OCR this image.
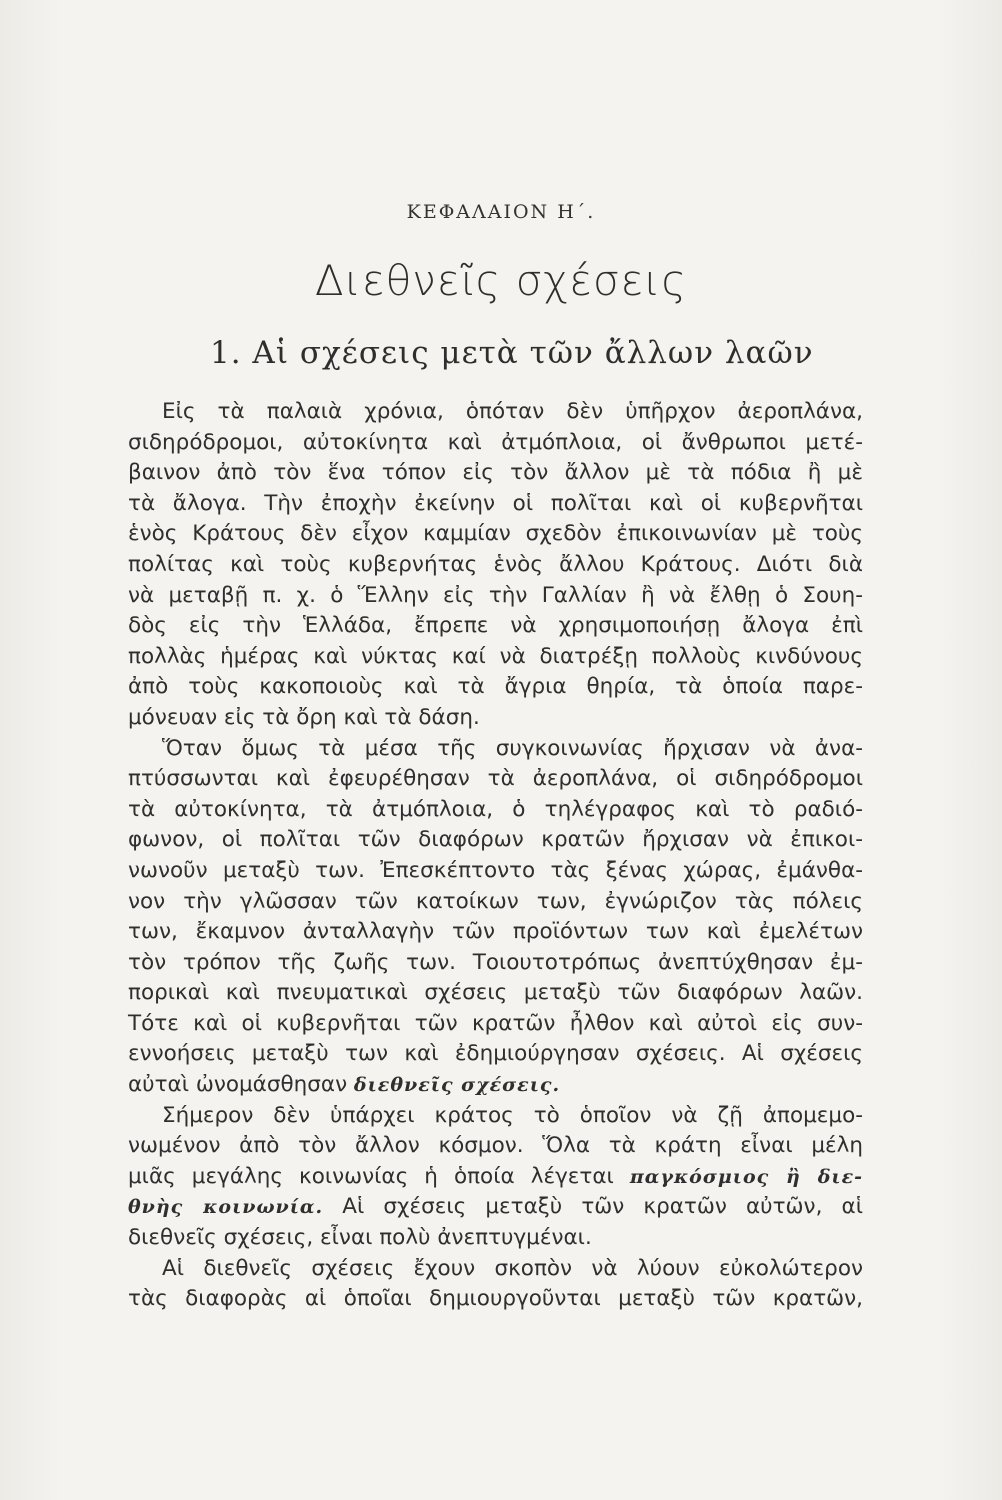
ΚΕΦΑΛΑΙΟΝ Η΄.
Διεθνεῖς σχέσεις
1. Αἱ σχέσεις μετὰ τῶν ἄλλων λαῶν
Εἰς τὰ παλαιὰ χρόνια, ὁπόταν δὲν ὑπῆρχον ἀεροπλάνα,
σιδηρόδρομοι, αὐτοκίνητα καὶ ἀτμόπλοια, οἱ ἄνθρωποι μετέ-
βαινον ἀπὸ τὸν ἕνα τόπον εἰς τὸν ἄλλον μὲ τὰ πόδια ἢ μὲ
τὰ ἄλογα. Τὴν ἐποχὴν ἐκείνην οἱ πολῖται καὶ οἱ κυβερνῆται
ἑνὸς Κράτους δὲν εἶχον καμμίαν σχεδὸν ἐπικοινωνίαν μὲ τοὺς
πολίτας καὶ τοὺς κυβερνήτας ἑνὸς ἄλλου Κράτους. Διότι διὰ
νὰ μεταβῇ π. χ. ὁ Ἕλλην εἰς τὴν Γαλλίαν ἢ νὰ ἔλθῃ ὁ Σουη-
δὸς εἰς τὴν Ἑλλάδα, ἔπρεπε νὰ χρησιμοποιήσῃ ἄλογα ἐπὶ
πολλὰς ἡμέρας καὶ νύκτας καί νὰ διατρέξῃ πολλοὺς κινδύνους
ἀπὸ τοὺς κακοποιοὺς καὶ τὰ ἄγρια θηρία, τὰ ὁποία παρε-
μόνευαν εἰς τὰ ὄρη καὶ τὰ δάση.
Ὅταν ὅμως τὰ μέσα τῆς συγκοινωνίας ἤρχισαν νὰ ἀνα-
πτύσσωνται καὶ ἐφευρέθησαν τὰ ἀεροπλάνα, οἱ σιδηρόδρομοι
τὰ αὐτοκίνητα, τὰ ἀτμόπλοια, ὁ τηλέγραφος καὶ τὸ ραδιό-
φωνον, οἱ πολῖται τῶν διαφόρων κρατῶν ἤρχισαν νὰ ἐπικοι-
νωνοῦν μεταξὺ των. Ἐπεσκέπτοντο τὰς ξένας χώρας, ἐμάνθα-
νον τὴν γλῶσσαν τῶν κατοίκων των, ἐγνώριζον τὰς πόλεις
των, ἔκαμνον ἀνταλλαγὴν τῶν προϊόντων των καὶ ἐμελέτων
τὸν τρόπον τῆς ζωῆς των. Τοιουτοτρόπως ἀνεπτύχθησαν ἐμ-
πορικαὶ καὶ πνευματικαὶ σχέσεις μεταξὺ τῶν διαφόρων λαῶν.
Τότε καὶ οἱ κυβερνῆται τῶν κρατῶν ἦλθον καὶ αὐτοὶ εἰς συν-
εννοήσεις μεταξὺ των καὶ ἐδημιούργησαν σχέσεις. Αἱ σχέσεις
αὐταὶ ὠνομάσθησαν διεθνεῖς σχέσεις.
Σήμερον δὲν ὑπάρχει κράτος τὸ ὁποῖον νὰ ζῇ ἀπομεμο-
νωμένον ἀπὸ τὸν ἄλλον κόσμον. Ὅλα τὰ κράτη εἶναι μέλη
μιᾶς μεγάλης κοινωνίας ἡ ὁποία λέγεται παγκόσμιος ἢ διε-
θνὴς κοινωνία. Αἱ σχέσεις μεταξὺ τῶν κρατῶν αὐτῶν, αἱ
διεθνεῖς σχέσεις, εἶναι πολὺ ἀνεπτυγμέναι.
Αἱ διεθνεῖς σχέσεις ἔχουν σκοπὸν νὰ λύουν εὐκολώτερον
τὰς διαφορὰς αἱ ὁποῖαι δημιουργοῦνται μεταξὺ τῶν κρατῶν,
